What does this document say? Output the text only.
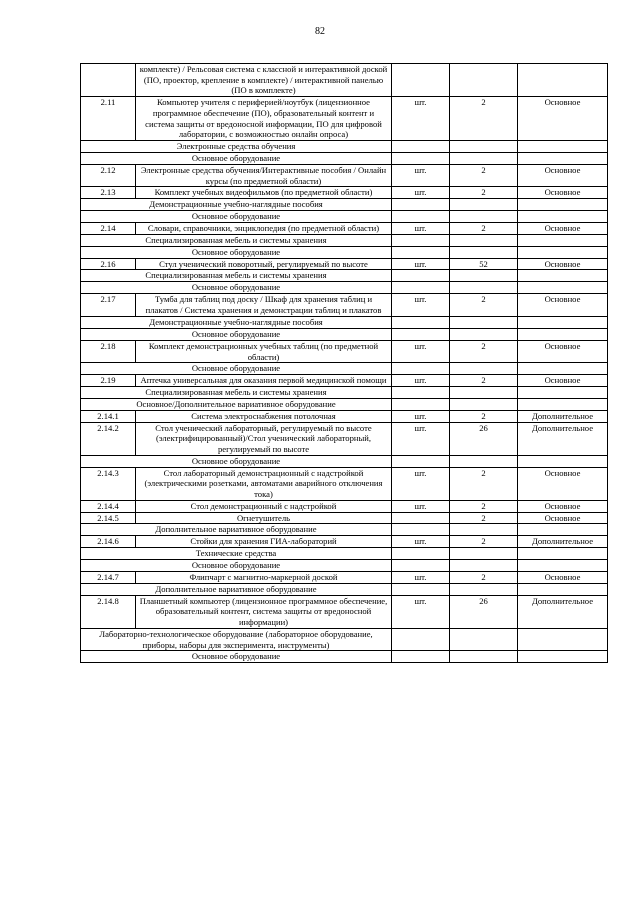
82
	комплекте) / Рельсовая система с классной и интерактивной доской (ПО, проектор, крепление в комплекте) / интерактивной панелью (ПО в комплекте)			
2.11	Компьютер учителя с периферией/ноутбук (лицензионное программное обеспечение (ПО), образовательный контент и система защиты от вредоносной информации, ПО для цифровой лаборатории, с возможностью онлайн опроса)	шт.	2	Основное
Электронные средства обучения				
Основное оборудование				
2.12	Электронные средства обучения/Интерактивные пособия / Онлайн курсы (по предметной области)	шт.	2	Основное
2.13	Комплект учебных видеофильмов (по предметной области)	шт.	2	Основное
Демонстрационные учебно-наглядные пособия				
Основное оборудование				
2.14	Словари, справочники, энциклопедия (по предметной области)	шт.	2	Основное
Специализированная мебель и системы хранения				
Основное оборудование				
2.16	Стул ученический поворотный, регулируемый по высоте	шт.	52	Основное
Специализированная мебель и системы хранения				
Основное оборудование				
2.17	Тумба для таблиц под доску / Шкаф для хранения таблиц и плакатов / Система хранения и демонстрации таблиц и плакатов	шт.	2	Основное
Демонстрационные учебно-наглядные пособия				
Основное оборудование				
2.18	Комплект демонстрационных учебных таблиц (по предметной области)	шт.	2	Основное
Основное оборудование				
2.19	Аптечка универсальная для оказания первой медицинской помощи	шт.	2	Основное
Специализированная мебель и системы хранения				
Основное/Дополнительное вариативное оборудование				
2.14.1	Система электроснабжения потолочная	шт.	2	Дополнительное
2.14.2	Стол ученический лабораторный, регулируемый по высоте (электрифицированный)/Стол ученический лабораторный, регулируемый по высоте	шт.	26	Дополнительное
Основное оборудование				
2.14.3	Стол лабораторный демонстрационный с надстройкой (электрическими розетками, автоматами аварийного отключения тока)	шт.	2	Основное
2.14.4	Стол демонстрационный с надстройкой	шт.	2	Основное
2.14.5	Огнетушитель		2	Основное
Дополнительное вариативное оборудование				
2.14.6	Стойки для хранения ГИА-лабораторий	шт.	2	Дополнительное
Технические средства				
Основное оборудование				
2.14.7	Флипчарт с магнитно-маркерной доской	шт.	2	Основное
Дополнительное вариативное оборудование				
2.14.8	Планшетный компьютер (лицензионное программное обеспечение, образовательный контент, система защиты от вредоносной информации)	шт.	26	Дополнительное
Лабораторно-технологическое оборудование (лабораторное оборудование, приборы, наборы для эксперимента, инструменты)				
Основное оборудование				
